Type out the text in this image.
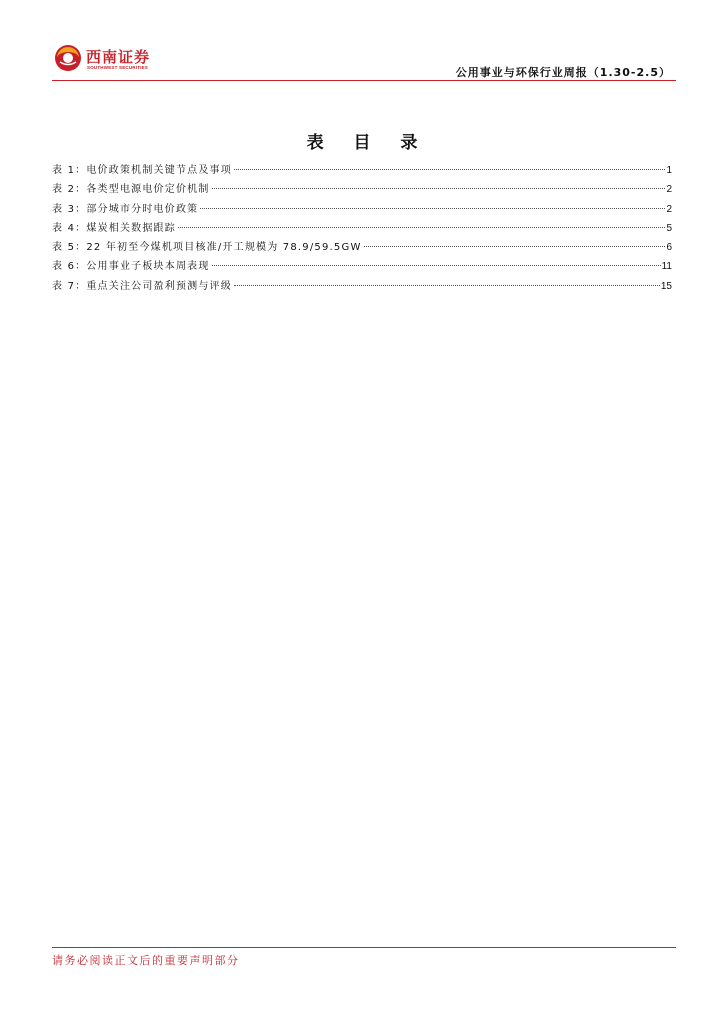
西南证券
SOUTHWEST SECURITIES	公用事业与环保行业周报（1.30-2.5）
表 目 录
表 1：电价政策机制关键节点及事项	1
表 2：各类型电源电价定价机制	2
表 3：部分城市分时电价政策	2
表 4：煤炭相关数据跟踪	5
表 5：22 年初至今煤机项目核准/开工规模为 78.9/59.5GW	6
表 6：公用事业子板块本周表现	11
表 7：重点关注公司盈利预测与评级	15
请务必阅读正文后的重要声明部分
